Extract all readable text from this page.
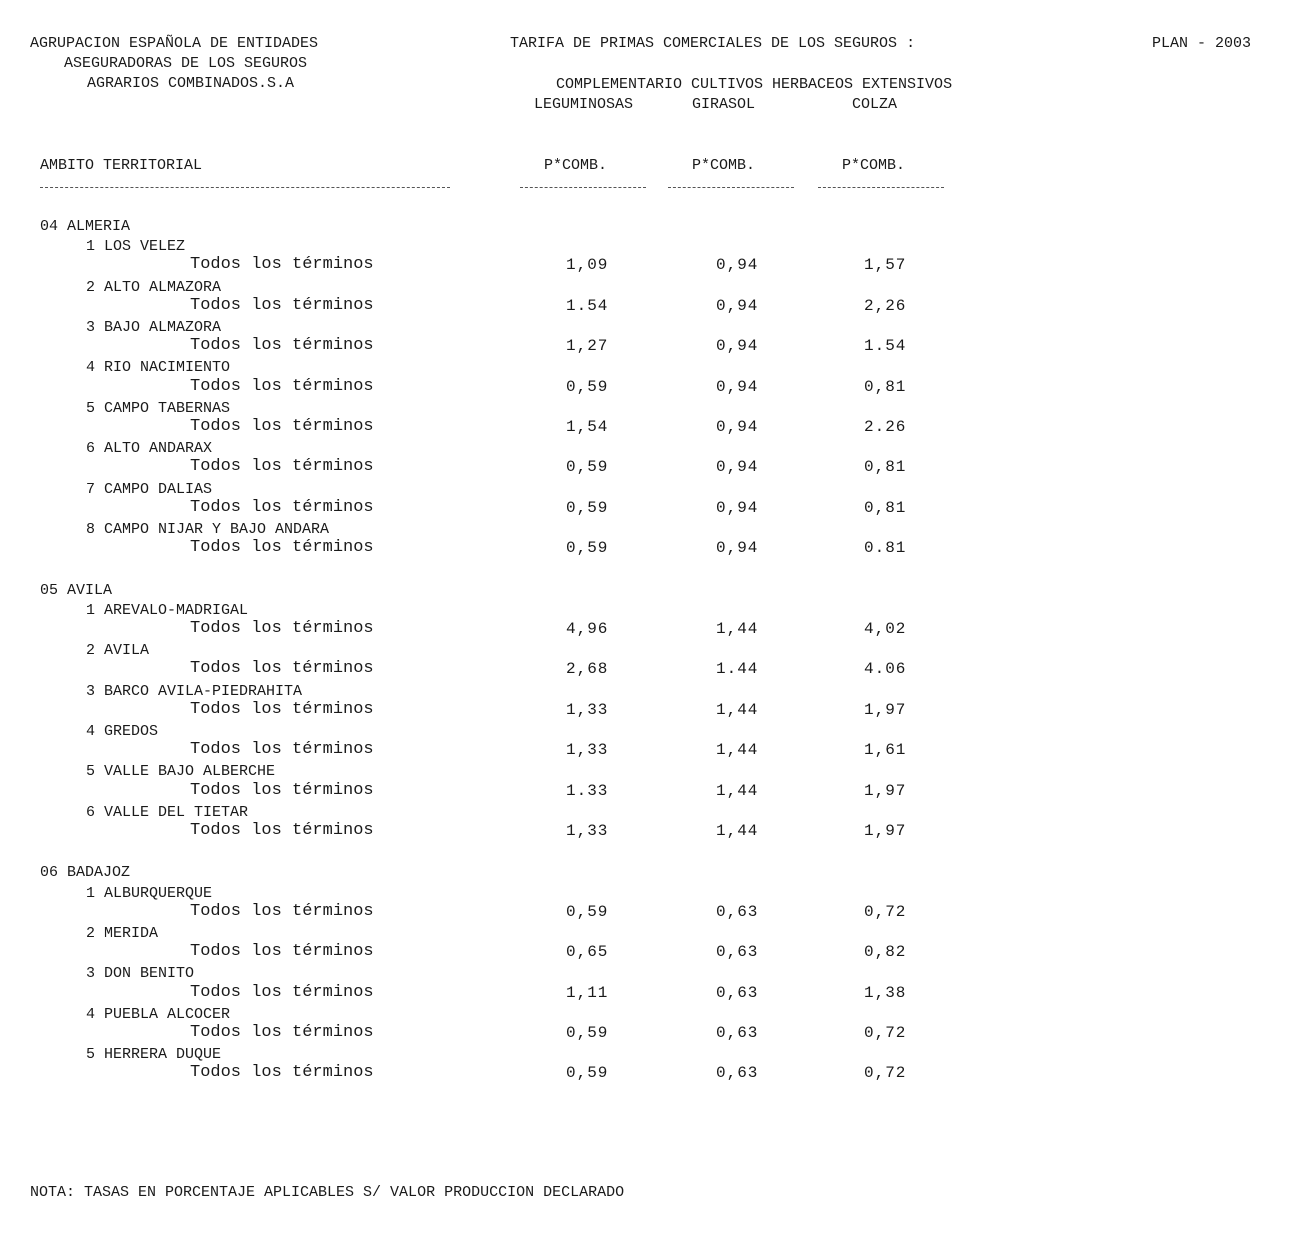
AGRUPACION ESPAÑOLA DE ENTIDADES
ASEGURADORAS DE LOS SEGUROS
AGRARIOS COMBINADOS.S.A
TARIFA DE PRIMAS COMERCIALES DE LOS SEGUROS :	PLAN - 2003
COMPLEMENTARIO CULTIVOS HERBACEOS EXTENSIVOS
LEGUMINOSAS	GIRASOL	COLZA
AMBITO TERRITORIAL	P*COMB.	P*COMB.	P*COMB.
04 ALMERIA
1 LOS VELEZ
Todos los términos	1,09	0,94	1,57
2 ALTO ALMAZORA
Todos los términos	1.54	0,94	2,26
3 BAJO ALMAZORA
Todos los términos	1,27	0,94	1.54
4 RIO NACIMIENTO
Todos los términos	0,59	0,94	0,81
5 CAMPO TABERNAS
Todos los términos	1,54	0,94	2.26
6 ALTO ANDARAX
Todos los términos	0,59	0,94	0,81
7 CAMPO DALIAS
Todos los términos	0,59	0,94	0,81
8 CAMPO NIJAR Y BAJO ANDARA
Todos los términos	0,59	0,94	0.81
05 AVILA
1 AREVALO-MADRIGAL
Todos los términos	4,96	1,44	4,02
2 AVILA
Todos los términos	2,68	1.44	4.06
3 BARCO AVILA-PIEDRAHITA
Todos los términos	1,33	1,44	1,97
4 GREDOS
Todos los términos	1,33	1,44	1,61
5 VALLE BAJO ALBERCHE
Todos los términos	1.33	1,44	1,97
6 VALLE DEL TIETAR
Todos los términos	1,33	1,44	1,97
06 BADAJOZ
1 ALBURQUERQUE
Todos los términos	0,59	0,63	0,72
2 MERIDA
Todos los términos	0,65	0,63	0,82
3 DON BENITO
Todos los términos	1,11	0,63	1,38
4 PUEBLA ALCOCER
Todos los términos	0,59	0,63	0,72
5 HERRERA DUQUE
Todos los términos	0,59	0,63	0,72
NOTA: TASAS EN PORCENTAJE APLICABLES S/ VALOR PRODUCCION DECLARADO
